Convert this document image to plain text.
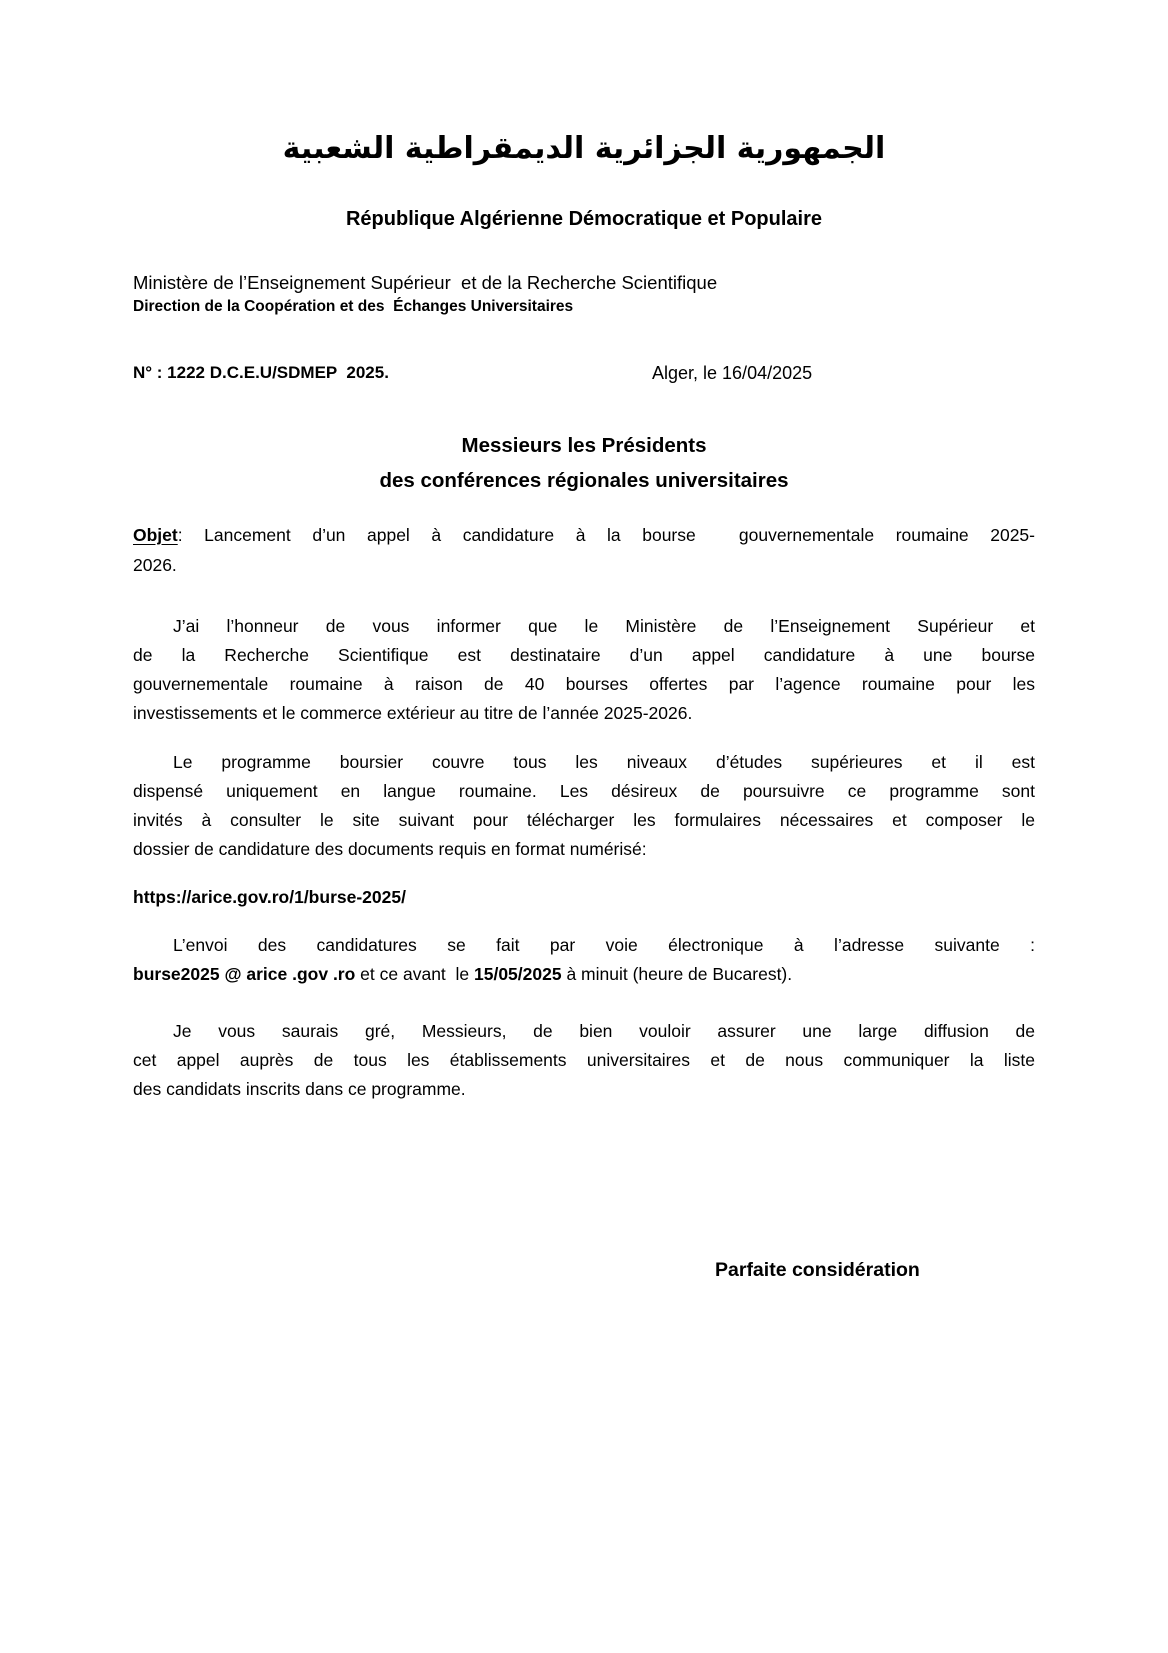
الجمهورية الجزائرية الديمقراطية الشعبية
République Algérienne Démocratique et Populaire
Ministère de l’Enseignement Supérieur  et de la Recherche Scientifique
Direction de la Coopération et des  Échanges Universitaires
N° : 1222 D.C.E.U/SDMEP  2025.	Alger, le 16/04/2025
Messieurs les Présidents
des conférences régionales universitaires
Objet: Lancement d’un appel à candidature à la bourse  gouvernementale roumaine 2025-
2026.
J’ai l’honneur de vous informer que le Ministère de l’Enseignement Supérieur et
de la Recherche Scientifique est destinataire d’un appel candidature à une bourse
gouvernementale roumaine à raison de 40 bourses offertes par l’agence roumaine pour les
investissements et le commerce extérieur au titre de l’année 2025-2026.
Le programme boursier couvre tous les niveaux d’études supérieures et il est
dispensé uniquement en langue roumaine. Les désireux de poursuivre ce programme sont
invités à consulter le site suivant pour télécharger les formulaires nécessaires et composer le
dossier de candidature des documents requis en format numérisé:
https://arice.gov.ro/1/burse-2025/
L’envoi des candidatures se fait par voie électronique à l’adresse suivante :
burse2025 @ arice .gov .ro et ce avant  le 15/05/2025 à minuit (heure de Bucarest).
Je vous saurais gré, Messieurs, de bien vouloir assurer une large diffusion de
cet appel auprès de tous les établissements universitaires et de nous communiquer la liste
des candidats inscrits dans ce programme.
Parfaite considération
